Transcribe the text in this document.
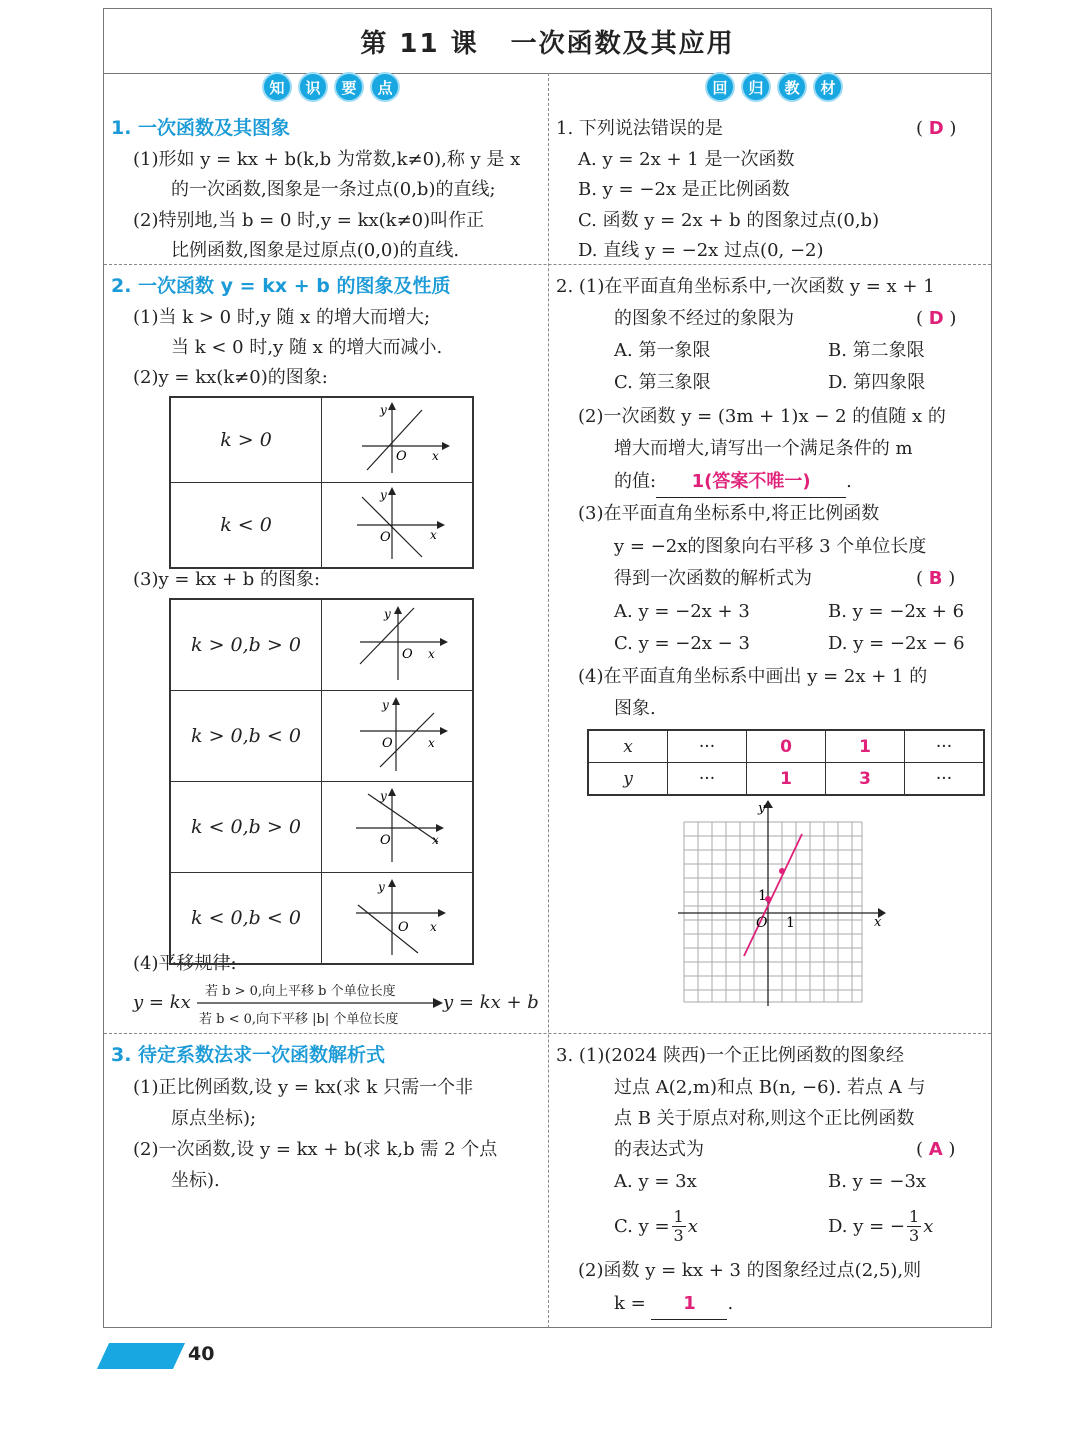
第 11 课 一次函数及其应用
知	识	要	点	回	归	教	材
1. 一次函数及其图象
(1)形如 y = kx + b(k,b 为常数,k≠0),称 y 是 x
的一次函数,图象是一条过点(0,b)的直线;
(2)特别地,当 b = 0 时,y = kx(k≠0)叫作正
比例函数,图象是过原点(0,0)的直线.
2. 一次函数 y = kx + b 的图象及性质
(1)当 k > 0 时,y 随 x 的增大而增大;
当 k < 0 时,y 随 x 的增大而减小.
(2)y = kx(k≠0)的图象:
(3)y = kx + b 的图象:
(4)平移规律:
3. 待定系数法求一次函数解析式
(1)正比例函数,设 y = kx(求 k 只需一个非
原点坐标);
(2)一次函数,设 y = kx + b(求 k,b 需 2 个点
坐标).
k > 0	O x
y

k < 0	O x
y
k > 0,b > 0	O x
y

k > 0,b < 0	O x
y

k < 0,b > 0	O x
y

k < 0,b < 0	O x
y
y = kx
若 b > 0,向上平移 b 个单位长度
若 b < 0,向下平移 |b| 个单位长度
y = kx + b
1. 下列说法错误的是	( D )
A. y = 2x + 1 是一次函数
B. y = −2x 是正比例函数
C. 函数 y = 2x + b 的图象过点(0,b)
D. 直线 y = −2x 过点(0, −2)
2. (1)在平面直角坐标系中,一次函数 y = x + 1
的图象不经过的象限为	( D )
A. 第一象限	B. 第二象限
C. 第三象限	D. 第四象限
(2)一次函数 y = (3m + 1)x − 2 的值随 x 的
增大而增大,请写出一个满足条件的 m
的值: 1(答案不唯一) .
(3)在平面直角坐标系中,将正比例函数
y = −2x的图象向右平移 3 个单位长度
得到一次函数的解析式为	( B )
A. y = −2x + 3	B. y = −2x + 6
C. y = −2x − 3	D. y = −2x − 6
(4)在平面直角坐标系中画出 y = 2x + 1 的
图象.
3. (1)(2024 陕西)一个正比例函数的图象经
过点 A(2,m)和点 B(n, −6). 若点 A 与
点 B 关于原点对称,则这个正比例函数
的表达式为	( A )
A. y = 3x	B. y = −3x
C. $y = \frac{1}{3}$ x	D. y = − $\frac{1}{3}$ x
(2)函数 y = kx + 3 的图象经过点(2,5),则
k = 1 .
x	···	0	1	···
y	···	1	3	···
y
x
O 1
1
40
